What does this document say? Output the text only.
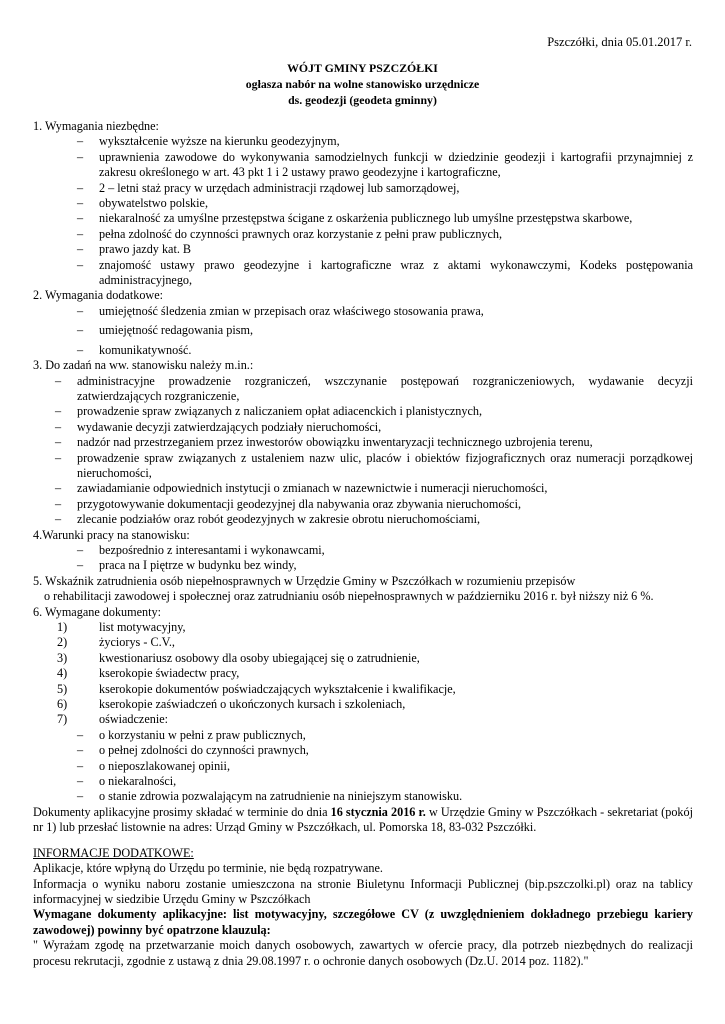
Pszczółki, dnia 05.01.2017 r.
WÓJT GMINY PSZCZÓŁKI
ogłasza nabór na wolne stanowisko urzędnicze
ds. geodezji (geodeta gminny)
1. Wymagania niezbędne:
– wykształcenie wyższe na kierunku geodezyjnym,
– uprawnienia zawodowe do wykonywania samodzielnych funkcji w dziedzinie geodezji i kartografii przynajmniej z zakresu określonego w art. 43 pkt 1 i 2 ustawy prawo geodezyjne i kartograficzne,
– 2 – letni staż pracy w urzędach administracji rządowej lub samorządowej,
– obywatelstwo polskie,
– niekaralność za umyślne przestępstwa ścigane z oskarżenia publicznego lub umyślne przestępstwa skarbowe,
– pełna zdolność do czynności prawnych oraz korzystanie z pełni praw publicznych,
– prawo jazdy kat. B
– znajomość ustawy prawo geodezyjne i kartograficzne wraz z aktami wykonawczymi, Kodeks postępowania administracyjnego,
2. Wymagania dodatkowe:
– umiejętność śledzenia zmian w przepisach oraz właściwego stosowania prawa,
– umiejętność redagowania pism,
– komunikatywność.
3. Do zadań na ww. stanowisku należy m.in.:
– administracyjne prowadzenie rozgraniczeń, wszczynanie postępowań rozgraniczeniowych, wydawanie decyzji zatwierdzających rozgraniczenie,
– prowadzenie spraw związanych z naliczaniem opłat adiacenckich i planistycznych,
– wydawanie decyzji zatwierdzających podziały nieruchomości,
– nadzór nad przestrzeganiem przez inwestorów obowiązku inwentaryzacji technicznego uzbrojenia terenu,
– prowadzenie spraw związanych z ustaleniem nazw ulic, placów i obiektów fizjograficznych oraz numeracji porządkowej nieruchomości,
– zawiadamianie odpowiednich instytucji o zmianach w nazewnictwie i numeracji nieruchomości,
– przygotowywanie dokumentacji geodezyjnej dla nabywania oraz zbywania nieruchomości,
– zlecanie podziałów oraz robót geodezyjnych w zakresie obrotu nieruchomościami,
4.Warunki pracy na stanowisku:
– bezpośrednio z interesantami i wykonawcami,
– praca na I piętrze w budynku bez windy,
5. Wskaźnik zatrudnienia osób niepełnosprawnych w Urzędzie Gminy w Pszczółkach w rozumieniu przepisów
o rehabilitacji zawodowej i społecznej oraz zatrudnianiu osób niepełnosprawnych w październiku 2016 r. był niższy niż 6 %.
6. Wymagane dokumenty:
1)	list motywacyjny,
2)	życiorys - C.V.,
3)	kwestionariusz osobowy dla osoby ubiegającej się o zatrudnienie,
4)	kserokopie świadectw pracy,
5)	kserokopie dokumentów poświadczających wykształcenie i kwalifikacje,
6)	kserokopie zaświadczeń o ukończonych kursach i szkoleniach,
7)	oświadczenie:
– o korzystaniu w pełni z praw publicznych,
– o pełnej zdolności do czynności prawnych,
– o nieposzlakowanej opinii,
– o niekaralności,
– o stanie zdrowia pozwalającym na zatrudnienie na niniejszym stanowisku.
Dokumenty aplikacyjne prosimy składać w terminie do dnia 16 stycznia 2016 r. w Urzędzie Gminy w Pszczółkach - sekretariat (pokój nr 1) lub przesłać listownie na adres: Urząd Gminy w Pszczółkach, ul. Pomorska 18, 83-032 Pszczółki.
INFORMACJE DODATKOWE:
Aplikacje, które wpłyną do Urzędu po terminie, nie będą rozpatrywane.
Informacja o wyniku naboru zostanie umieszczona na stronie Biuletynu Informacji Publicznej (bip.pszczolki.pl) oraz na tablicy informacyjnej w siedzibie Urzędu Gminy w Pszczółkach
Wymagane dokumenty aplikacyjne: list motywacyjny, szczegółowe CV (z uwzględnieniem dokładnego przebiegu kariery zawodowej) powinny być opatrzone klauzulą:
" Wyrażam zgodę na przetwarzanie moich danych osobowych, zawartych w ofercie pracy, dla potrzeb niezbędnych do realizacji procesu rekrutacji, zgodnie z ustawą z dnia 29.08.1997 r. o ochronie danych osobowych (Dz.U. 2014 poz. 1182)."
